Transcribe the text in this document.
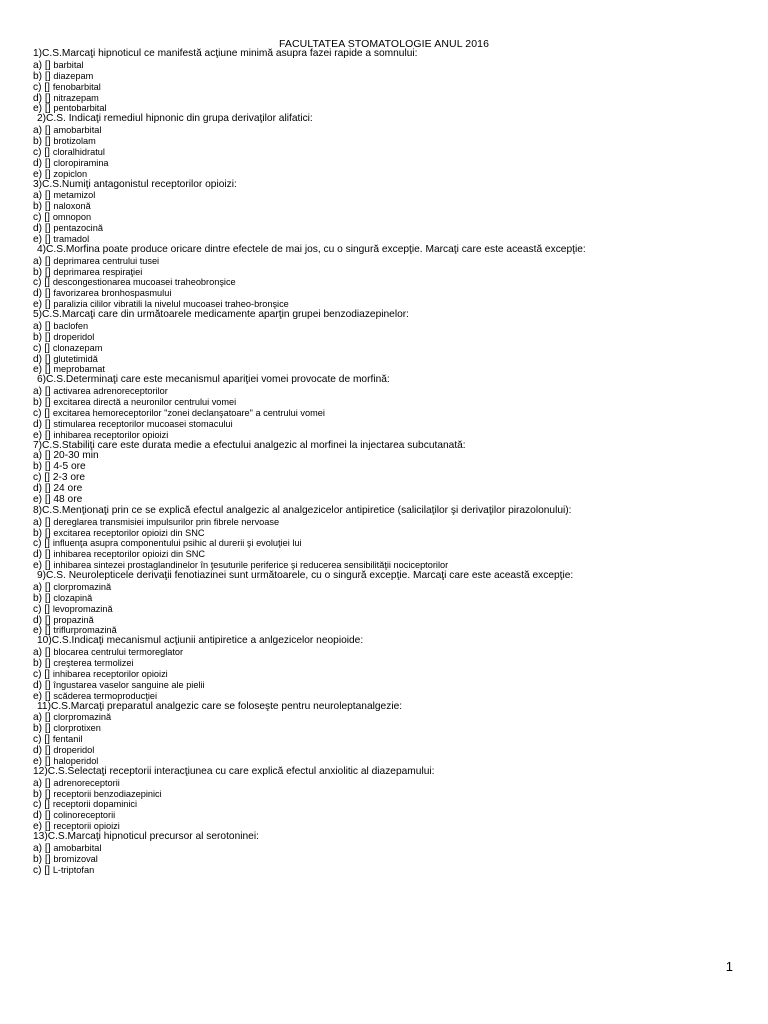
FACULTATEA STOMATOLOGIE ANUL 2016
1)C.S.Marcaţi hipnoticul ce manifestă acţiune minimă asupra fazei rapide a somnului:
a) [] barbital
b) [] diazepam
c) [] fenobarbital
d) [] nitrazepam
e) [] pentobarbital
2)C.S. Indicaţi remediul hipnonic din grupa derivaţilor alifatici:
a) [] amobarbital
b) [] brotizolam
c) [] cloralhidratul
d) [] cloropiramina
e) [] zopiclon
3)C.S.Numiţi antagonistul receptorilor opioizi:
a) [] metamizol
b) [] naloxonă
c) [] omnopon
d) [] pentazocină
e) [] tramadol
4)C.S.Morfina poate produce oricare dintre efectele de mai jos, cu o singură excepţie. Marcaţi care este această excepţie:
a) [] deprimarea centrului tusei
b) [] deprimarea respiraţiei
c) [] descongestionarea mucoasei traheobronşice
d) [] favorizarea bronhospasmului
e) [] paralizia cililor vibratili la nivelul mucoasei traheo-bronşice
5)C.S.Marcaţi care din următoarele medicamente aparţin grupei benzodiazepinelor:
a) [] baclofen
b) [] droperidol
c) [] clonazepam
d) [] glutetimidă
e) [] meprobamat
6)C.S.Determinaţi care este mecanismul apariţiei vomei provocate de morfină:
a) [] activarea adrenoreceptorilor
b) [] excitarea directă a neuronilor centrului vomei
c) [] excitarea hemoreceptorilor "zonei declanşatoare" a centrului vomei
d) [] stimularea receptorilor mucoasei stomacului
e) [] inhibarea receptorilor opioizi
7)C.S.Stabiliţi care este durata medie a efectului analgezic al morfinei la injectarea subcutanată:
a) [] 20-30 min
b) [] 4-5 ore
c) [] 2-3 ore
d) [] 24 ore
e) [] 48 ore
8)C.S.Menţionaţi prin ce se explică efectul analgezic al analgezicelor antipiretice (salicilaţilor şi derivaţilor pirazolonului):
a) [] dereglarea transmisiei impulsurilor prin fibrele nervoase
b) [] excitarea receptorilor opioizi din SNC
c) [] influenţa asupra componentului psihic al durerii şi evoluţiei lui
d) [] inhibarea receptorilor opioizi din SNC
e) [] inhibarea sintezei prostaglandinelor în ţesuturile periferice şi reducerea sensibilităţii nociceptorilor
9)C.S. Neurolepticele derivaţii fenotiazinei sunt următoarele, cu o singură excepţie. Marcaţi care este această excepţie:
a) [] clorpromazină
b) [] clozapină
c) [] levopromazină
d) [] propazină
e) [] triflurpromazină
10)C.S.Indicaţi mecanismul acţiunii antipiretice a anlgezicelor neopioide:
a) [] blocarea centrului termoreglator
b) [] creşterea termolizei
c) [] inhibarea receptorilor opioizi
d) [] îngustarea vaselor sanguine ale pielii
e) [] scăderea termoproducţiei
11)C.S.Marcaţi preparatul analgezic care se foloseşte pentru neuroleptanalgezie:
a) [] clorpromazină
b) [] clorprotixen
c) [] fentanil
d) [] droperidol
e) [] haloperidol
12)C.S.Selectaţi receptorii interacţiunea cu care explică efectul anxiolitic al diazepamului:
a) [] adrenoreceptorii
b) [] receptorii benzodiazepinici
c) [] receptorii dopaminici
d) [] colinoreceptorii
e) [] receptorii opioizi
13)C.S.Marcaţi hipnoticul precursor al serotoninei:
a) [] amobarbital
b) [] bromizoval
c) [] L-triptofan
1
